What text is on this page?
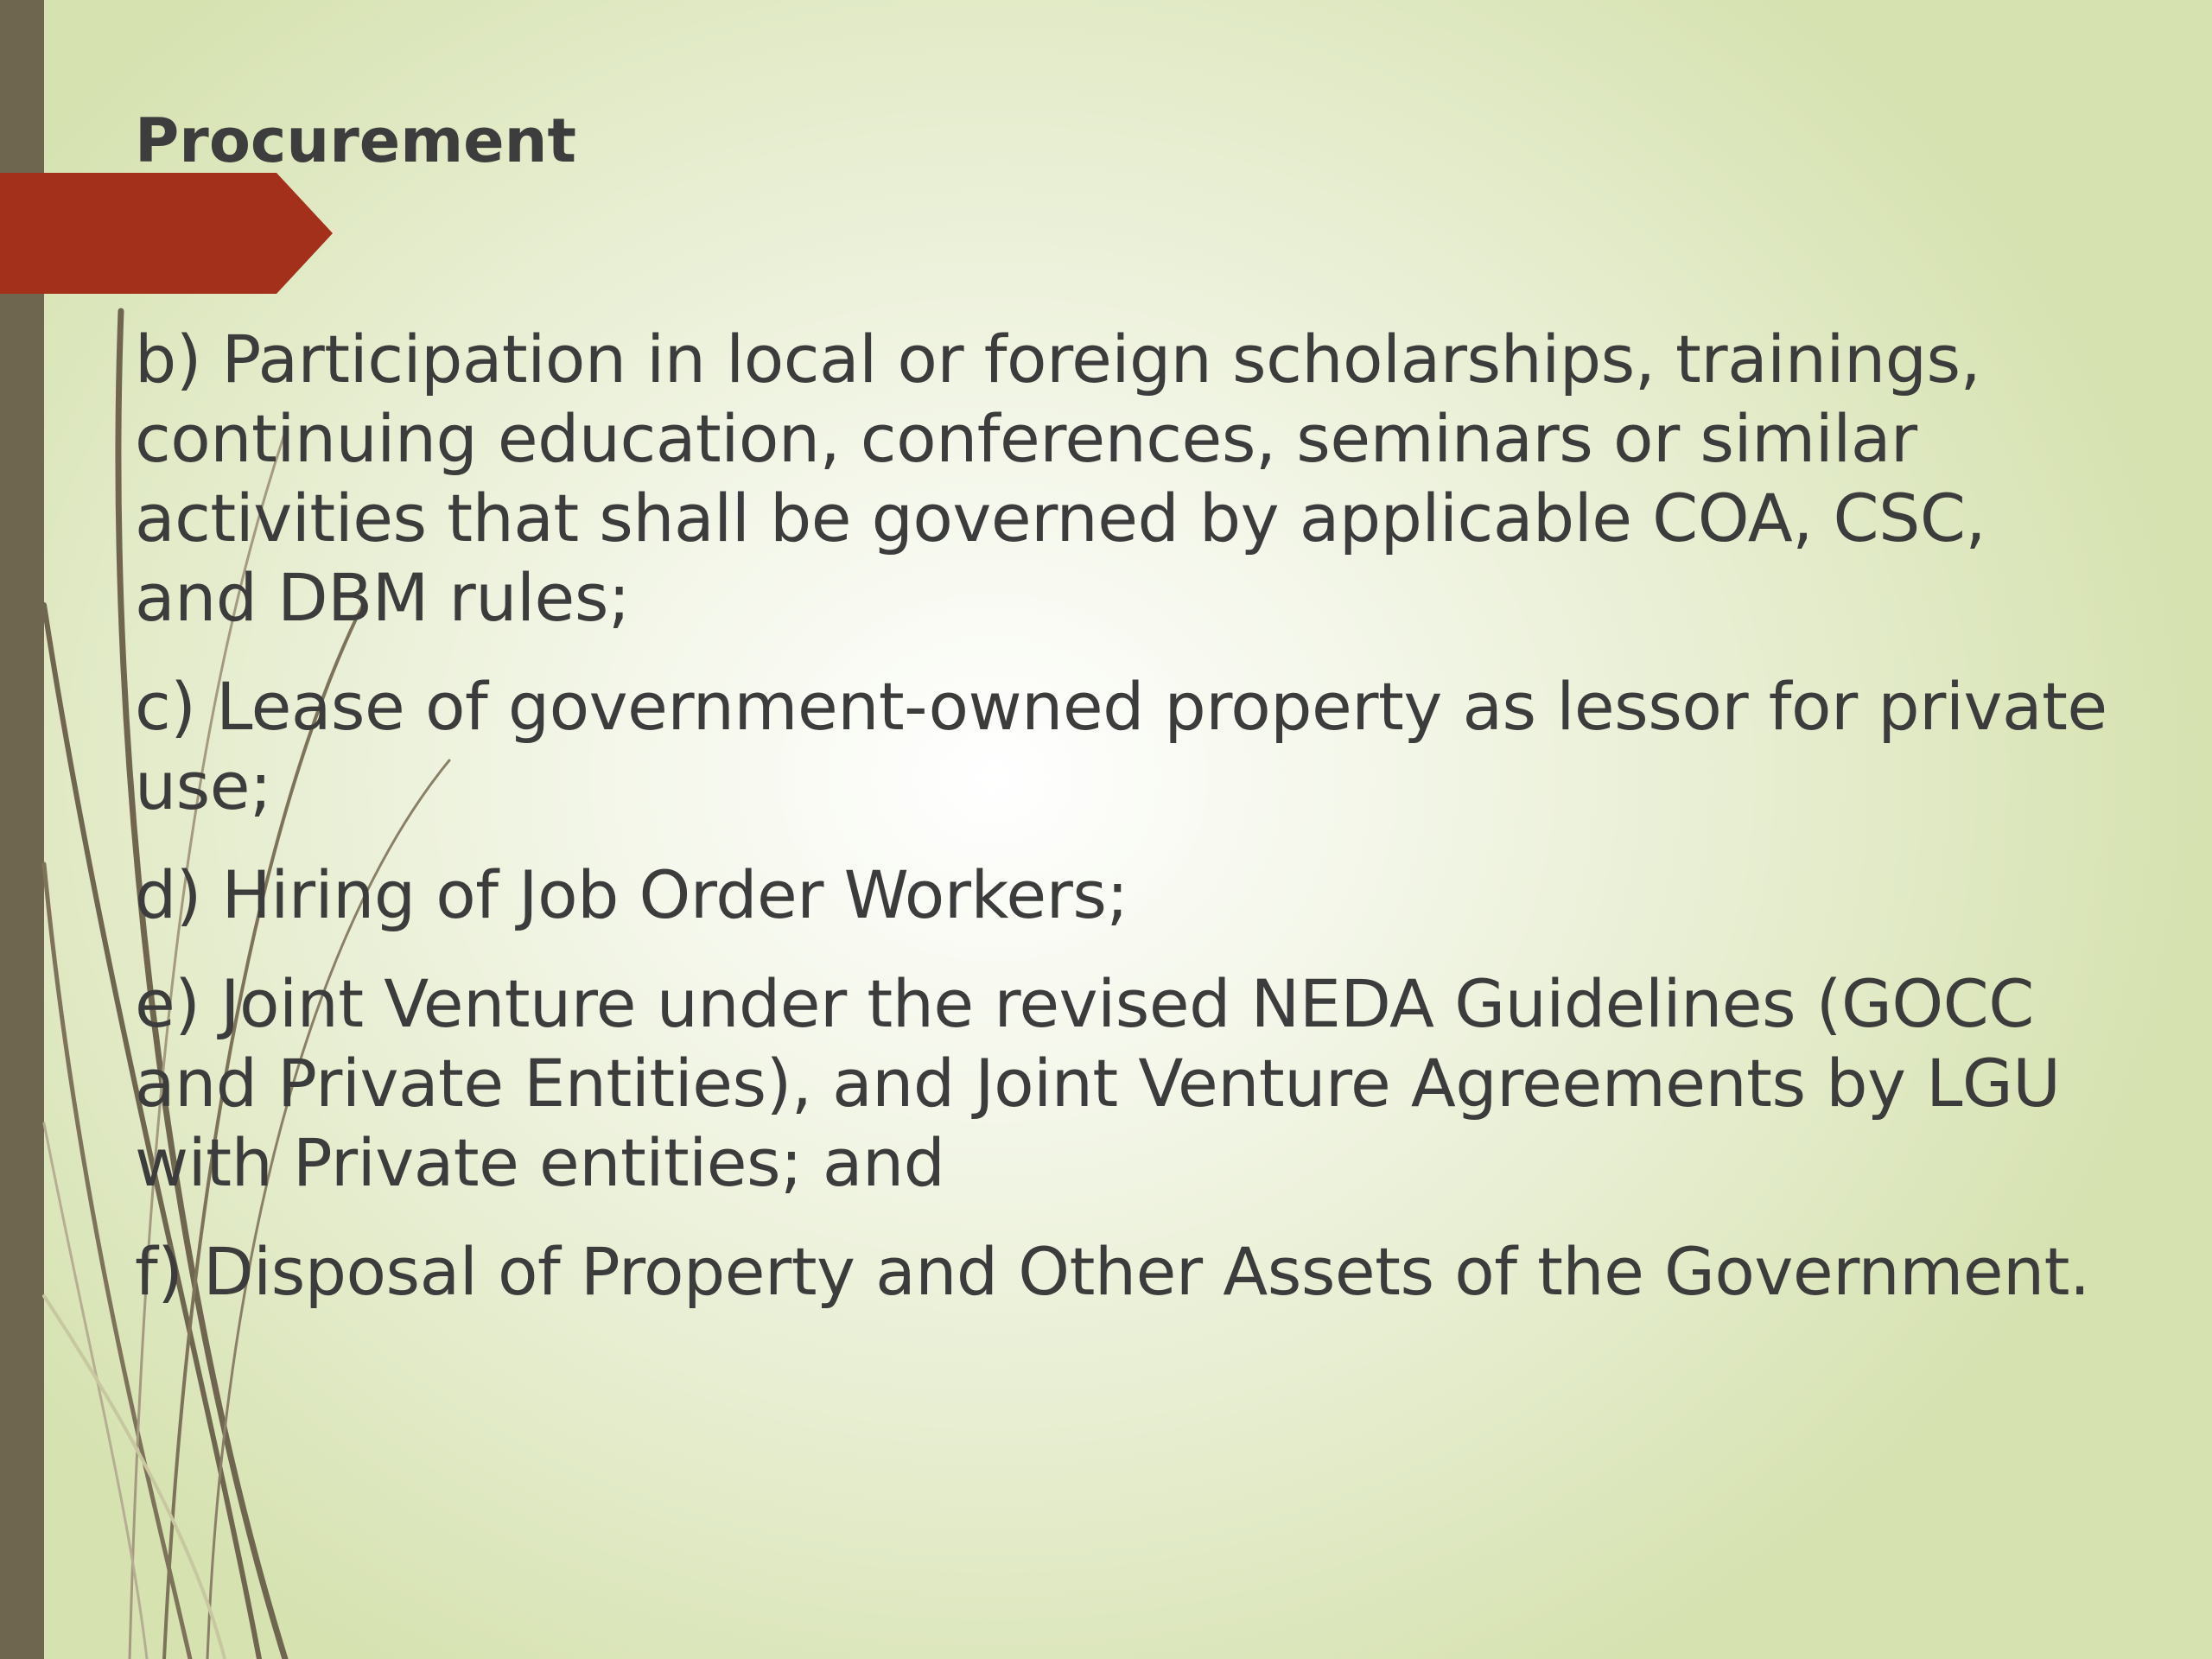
Procurement
b) Participation in local or foreign scholarships, trainings, continuing education, conferences, seminars or similar activities that shall be governed by applicable COA, CSC, and DBM rules;
c) Lease of government-owned property as lessor for private use;
d) Hiring of Job Order Workers;
e) Joint Venture under the revised NEDA Guidelines (GOCC and Private Entities), and Joint Venture Agreements by LGU with Private entities; and
f) Disposal of Property and Other Assets of the Government.
